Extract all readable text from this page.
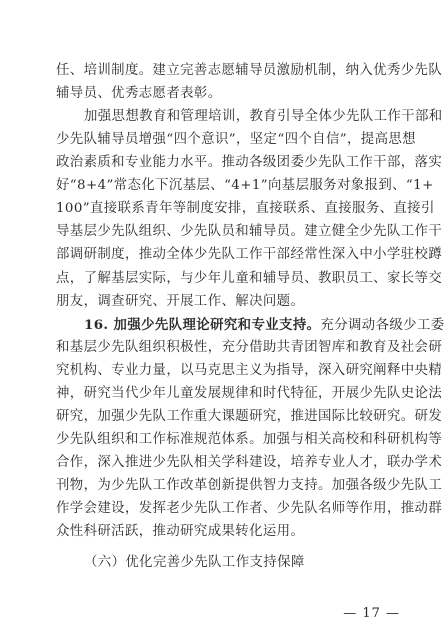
任、培训制度。建立完善志愿辅导员激励机制，纳入优秀少先队
辅导员、优秀志愿者表彰。
加强思想教育和管理培训，教育引导全体少先队工作干部和
少先队辅导员增强“四个意识”，坚定“四个自信”，提高思想
政治素质和专业能力水平。推动各级团委少先队工作干部，落实
好“8+4”常态化下沉基层、“4+1”向基层服务对象报到、“1+
100”直接联系青年等制度安排，直接联系、直接服务、直接引
导基层少先队组织、少先队员和辅导员。建立健全少先队工作干
部调研制度，推动全体少先队工作干部经常性深入中小学驻校蹲
点，了解基层实际，与少年儿童和辅导员、教职员工、家长等交
朋友，调查研究、开展工作、解决问题。
16. 加强少先队理论研究和专业支持。充分调动各级少工委
和基层少先队组织积极性，充分借助共青团智库和教育及社会研
究机构、专业力量，以马克思主义为指导，深入研究阐释中央精
神，研究当代少年儿童发展规律和时代特征，开展少先队史论法
研究，加强少先队工作重大课题研究，推进国际比较研究。研发
少先队组织和工作标准规范体系。加强与相关高校和科研机构等
合作，深入推进少先队相关学科建设，培养专业人才，联办学术
刊物，为少先队工作改革创新提供智力支持。加强各级少先队工
作学会建设，发挥老少先队工作者、少先队名师等作用，推动群
众性科研活跃，推动研究成果转化运用。
（六）优化完善少先队工作支持保障
— 17 —
